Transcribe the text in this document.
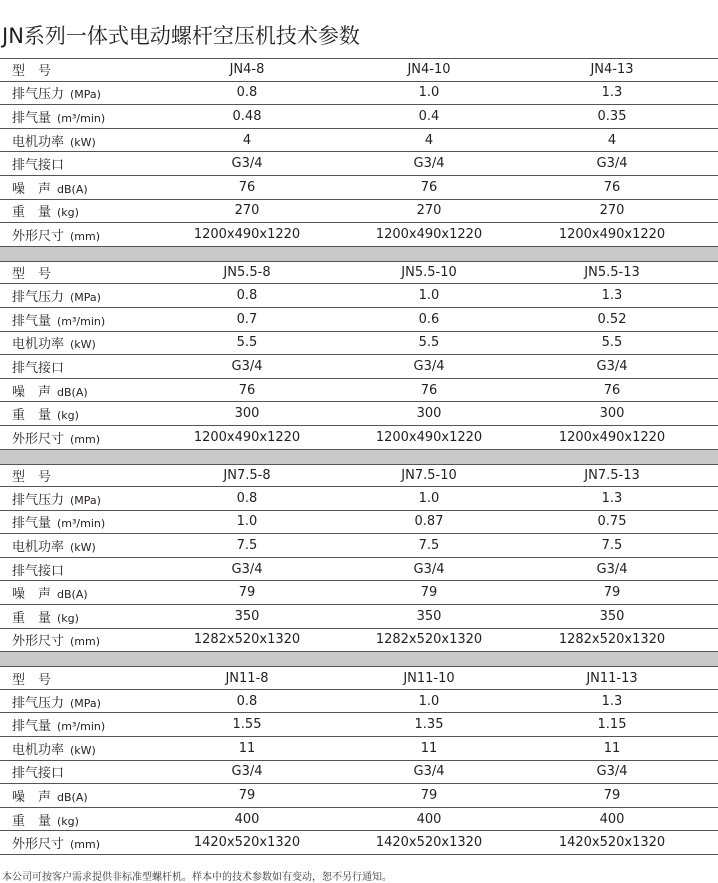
JN系列一体式电动螺杆空压机技术参数
型　号	JN4-8	JN4-10	JN4-13
排气压力 (MPa)	0.8	1.0	1.3
排气量 (m³/min)	0.48	0.4	0.35
电机功率 (kW)	4	4	4
排气接口	G3/4	G3/4	G3/4
噪　声 dB(A)	76	76	76
重　量 (kg)	270	270	270
外形尺寸 (mm)	1200x490x1220	1200x490x1220	1200x490x1220
型　号	JN5.5-8	JN5.5-10	JN5.5-13
排气压力 (MPa)	0.8	1.0	1.3
排气量 (m³/min)	0.7	0.6	0.52
电机功率 (kW)	5.5	5.5	5.5
排气接口	G3/4	G3/4	G3/4
噪　声 dB(A)	76	76	76
重　量 (kg)	300	300	300
外形尺寸 (mm)	1200x490x1220	1200x490x1220	1200x490x1220
型　号	JN7.5-8	JN7.5-10	JN7.5-13
排气压力 (MPa)	0.8	1.0	1.3
排气量 (m³/min)	1.0	0.87	0.75
电机功率 (kW)	7.5	7.5	7.5
排气接口	G3/4	G3/4	G3/4
噪　声 dB(A)	79	79	79
重　量 (kg)	350	350	350
外形尺寸 (mm)	1282x520x1320	1282x520x1320	1282x520x1320
型　号	JN11-8	JN11-10	JN11-13
排气压力 (MPa)	0.8	1.0	1.3
排气量 (m³/min)	1.55	1.35	1.15
电机功率 (kW)	11	11	11
排气接口	G3/4	G3/4	G3/4
噪　声 dB(A)	79	79	79
重　量 (kg)	400	400	400
外形尺寸 (mm)	1420x520x1320	1420x520x1320	1420x520x1320
本公司可按客户需求提供非标准型螺杆机。样本中的技术参数如有变动，恕不另行通知。
